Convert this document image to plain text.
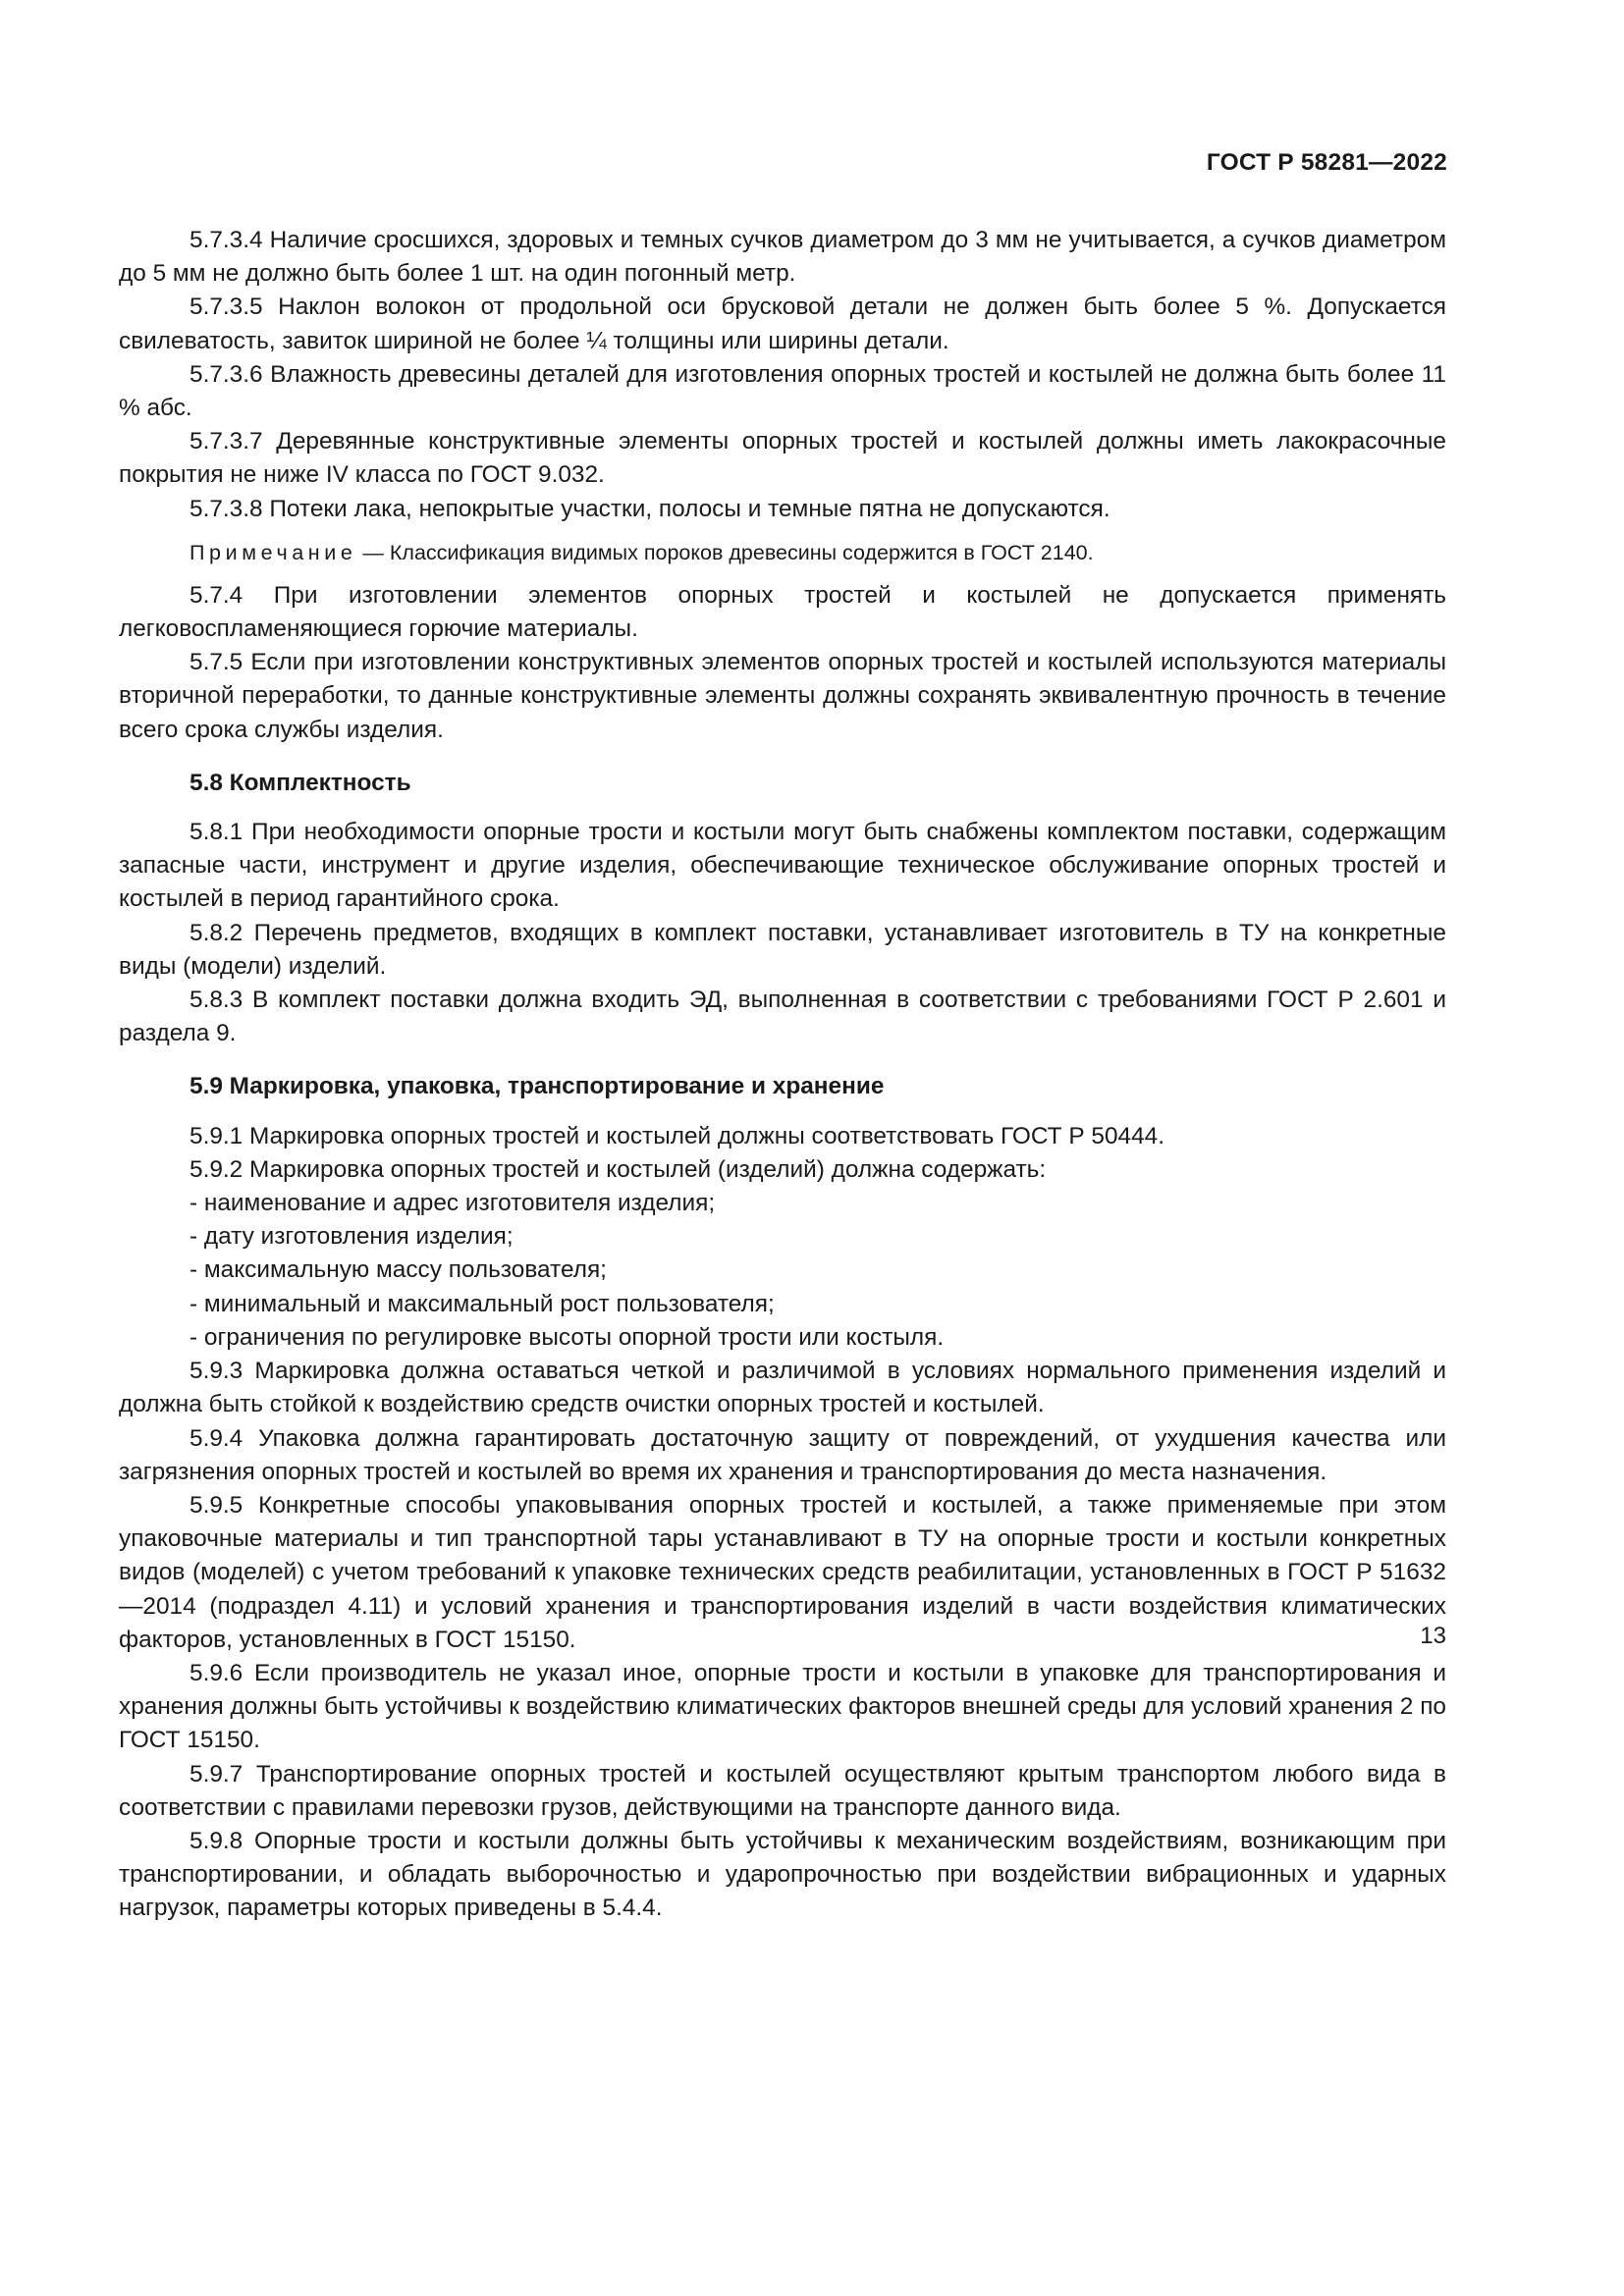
ГОСТ Р 58281—2022

5.7.3.4 Наличие сросшихся, здоровых и темных сучков диаметром до 3 мм не учитывается, а сучков диаметром до 5 мм не должно быть более 1 шт. на один погонный метр.

5.7.3.5 Наклон волокон от продольной оси брусковой детали не должен быть более 5 %. Допускается свилеватость, завиток шириной не более ¼ толщины или ширины детали.

5.7.3.6 Влажность древесины деталей для изготовления опорных тростей и костылей не должна быть более 11 % абс.

5.7.3.7 Деревянные конструктивные элементы опорных тростей и костылей должны иметь лакокрасочные покрытия не ниже IV класса по ГОСТ 9.032.

5.7.3.8 Потеки лака, непокрытые участки, полосы и темные пятна не допускаются.

Примечание — Классификация видимых пороков древесины содержится в ГОСТ 2140.

5.7.4 При изготовлении элементов опорных тростей и костылей не допускается применять легковоспламеняющиеся горючие материалы.

5.7.5 Если при изготовлении конструктивных элементов опорных тростей и костылей используются материалы вторичной переработки, то данные конструктивные элементы должны сохранять эквивалентную прочность в течение всего срока службы изделия.

5.8 Комплектность

5.8.1 При необходимости опорные трости и костыли могут быть снабжены комплектом поставки, содержащим запасные части, инструмент и другие изделия, обеспечивающие техническое обслуживание опорных тростей и костылей в период гарантийного срока.

5.8.2 Перечень предметов, входящих в комплект поставки, устанавливает изготовитель в ТУ на конкретные виды (модели) изделий.

5.8.3 В комплект поставки должна входить ЭД, выполненная в соответствии с требованиями ГОСТ Р 2.601 и раздела 9.

5.9 Маркировка, упаковка, транспортирование и хранение

5.9.1 Маркировка опорных тростей и костылей должны соответствовать ГОСТ Р 50444.

5.9.2 Маркировка опорных тростей и костылей (изделий) должна содержать:

- наименование и адрес изготовителя изделия;

- дату изготовления изделия;

- максимальную массу пользователя;

- минимальный и максимальный рост пользователя;

- ограничения по регулировке высоты опорной трости или костыля.

5.9.3 Маркировка должна оставаться четкой и различимой в условиях нормального применения изделий и должна быть стойкой к воздействию средств очистки опорных тростей и костылей.

5.9.4 Упаковка должна гарантировать достаточную защиту от повреждений, от ухудшения качества или загрязнения опорных тростей и костылей во время их хранения и транспортирования до места назначения.

5.9.5 Конкретные способы упаковывания опорных тростей и костылей, а также применяемые при этом упаковочные материалы и тип транспортной тары устанавливают в ТУ на опорные трости и костыли конкретных видов (моделей) с учетом требований к упаковке технических средств реабилитации, установленных в ГОСТ Р 51632—2014 (подраздел 4.11) и условий хранения и транспортирования изделий в части воздействия климатических факторов, установленных в ГОСТ 15150.

5.9.6 Если производитель не указал иное, опорные трости и костыли в упаковке для транспортирования и хранения должны быть устойчивы к воздействию климатических факторов внешней среды для условий хранения 2 по ГОСТ 15150.

5.9.7 Транспортирование опорных тростей и костылей осуществляют крытым транспортом любого вида в соответствии с правилами перевозки грузов, действующими на транспорте данного вида.

5.9.8 Опорные трости и костыли должны быть устойчивы к механическим воздействиям, возникающим при транспортировании, и обладать выборочностью и ударопрочностью при воздействии вибрационных и ударных нагрузок, параметры которых приведены в 5.4.4.

13
